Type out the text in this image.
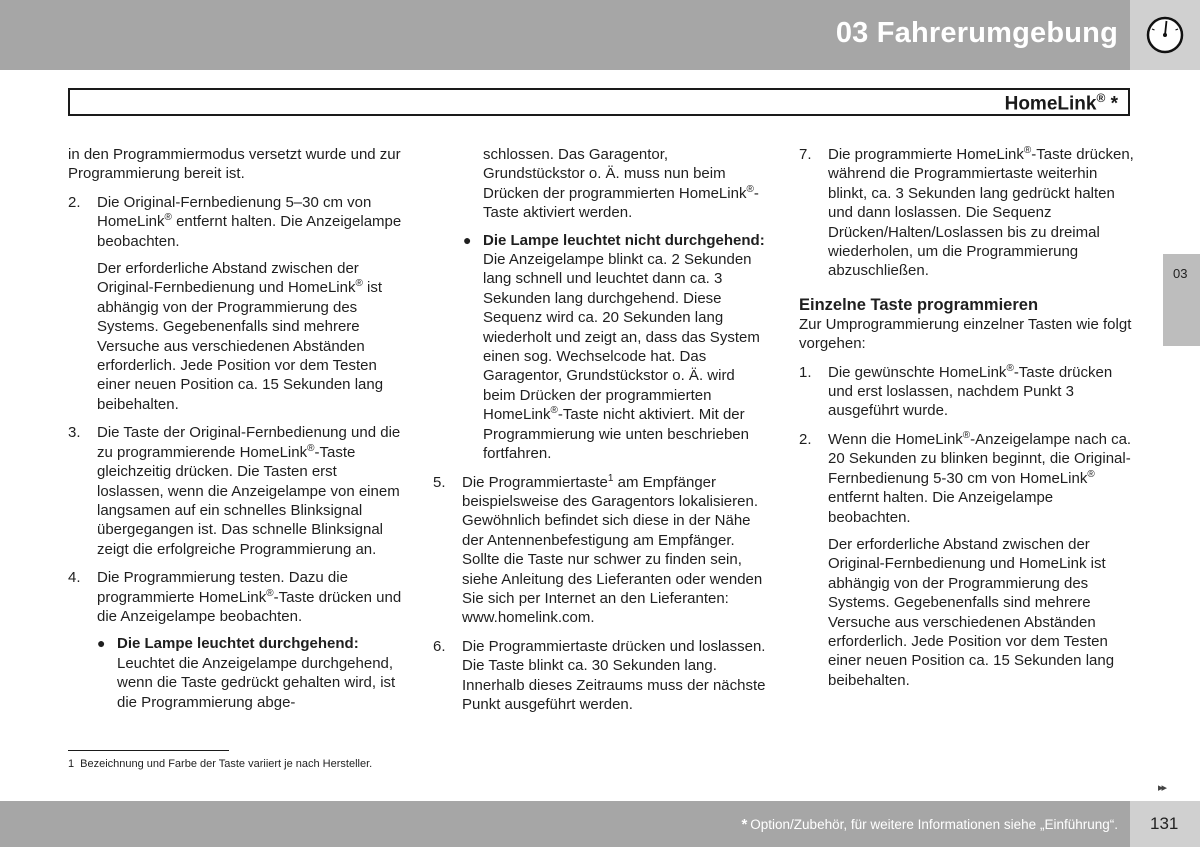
03 Fahrerumgebung
HomeLink® *
03

in den Programmiermodus versetzt wurde und zur Programmierung bereit ist.

2. Die Original-Fernbedienung 5–30 cm von HomeLink® entfernt halten. Die Anzeigelampe beobachten.

Der erforderliche Abstand zwischen der Original-Fernbedienung und HomeLink® ist abhängig von der Programmierung des Systems. Gegebenenfalls sind mehrere Versuche aus verschiedenen Abständen erforderlich. Jede Position vor dem Testen einer neuen Position ca. 15 Sekunden lang beibehalten.

3. Die Taste der Original-Fernbedienung und die zu programmierende HomeLink®-Taste gleichzeitig drücken. Die Tasten erst loslassen, wenn die Anzeigelampe von einem langsamen auf ein schnelles Blinksignal übergegangen ist. Das schnelle Blinksignal zeigt die erfolgreiche Programmierung an.

4. Die Programmierung testen. Dazu die programmierte HomeLink®-Taste drücken und die Anzeigelampe beobachten.

● Die Lampe leuchtet durchgehend: Leuchtet die Anzeigelampe durchgehend, wenn die Taste gedrückt gehalten wird, ist die Programmierung abge-

schlossen. Das Garagentor, Grundstückstor o. Ä. muss nun beim Drücken der programmierten HomeLink®-Taste aktiviert werden.

● Die Lampe leuchtet nicht durchgehend: Die Anzeigelampe blinkt ca. 2 Sekunden lang schnell und leuchtet dann ca. 3 Sekunden lang durchgehend. Diese Sequenz wird ca. 20 Sekunden lang wiederholt und zeigt an, dass das System einen sog. Wechselcode hat. Das Garagentor, Grundstückstor o. Ä. wird beim Drücken der programmierten HomeLink®-Taste nicht aktiviert. Mit der Programmierung wie unten beschrieben fortfahren.

5. Die Programmiertaste$^1$ am Empfänger beispielsweise des Garagentors lokalisieren. Gewöhnlich befindet sich diese in der Nähe der Antennenbefestigung am Empfänger. Sollte die Taste nur schwer zu finden sein, siehe Anleitung des Lieferanten oder wenden Sie sich per Internet an den Lieferanten: www.homelink.com.

6. Die Programmiertaste drücken und loslassen. Die Taste blinkt ca. 30 Sekunden lang. Innerhalb dieses Zeitraums muss der nächste Punkt ausgeführt werden.

7. Die programmierte HomeLink®-Taste drücken, während die Programmiertaste weiterhin blinkt, ca. 3 Sekunden lang gedrückt halten und dann loslassen. Die Sequenz Drücken/Halten/Loslassen bis zu dreimal wiederholen, um die Programmierung abzuschließen.

Einzelne Taste programmieren

Zur Umprogrammierung einzelner Tasten wie folgt vorgehen:

1. Die gewünschte HomeLink®-Taste drücken und erst loslassen, nachdem Punkt 3 ausgeführt wurde.

2. Wenn die HomeLink®-Anzeigelampe nach ca. 20 Sekunden zu blinken beginnt, die Original-Fernbedienung 5-30 cm von HomeLink® entfernt halten. Die Anzeigelampe beobachten.

Der erforderliche Abstand zwischen der Original-Fernbedienung und HomeLink ist abhängig von der Programmierung des Systems. Gegebenenfalls sind mehrere Versuche aus verschiedenen Abständen erforderlich. Jede Position vor dem Testen einer neuen Position ca. 15 Sekunden lang beibehalten.

1 Bezeichnung und Farbe der Taste variiert je nach Hersteller.
▸▸
* Option/Zubehör, für weitere Informationen siehe „Einführung“. 131
